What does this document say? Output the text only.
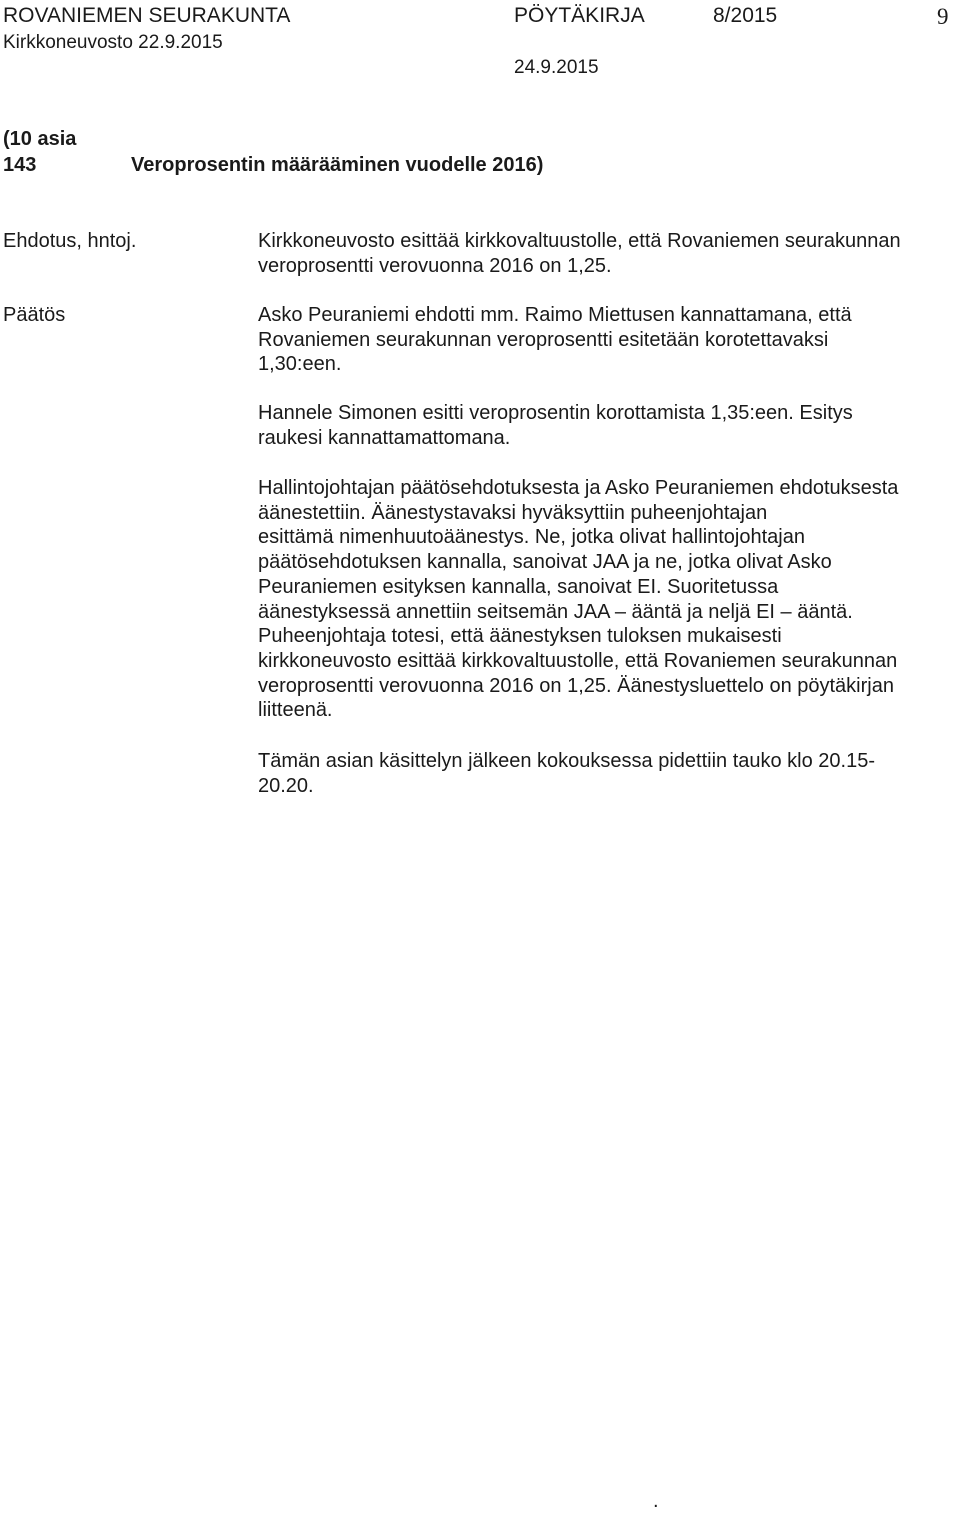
ROVANIEMEN SEURAKUNTA
Kirkkoneuvosto 22.9.2015
PÖYTÄKIRJA	8/2015	9
24.9.2015
(10 asia
143	Veroprosentin määrääminen vuodelle 2016)
Ehdotus, hntoj.	Kirkkoneuvosto esittää kirkkovaltuustolle, että Rovaniemen seurakunnan
veroprosentti verovuonna 2016 on 1,25.
Päätös	Asko Peuraniemi ehdotti mm. Raimo Miettusen kannattamana, että
Rovaniemen seurakunnan veroprosentti esitetään korotettavaksi
1,30:een.
Hannele Simonen esitti veroprosentin korottamista 1,35:een. Esitys
raukesi kannattamattomana.
Hallintojohtajan päätösehdotuksesta ja Asko Peuraniemen ehdotuksesta
äänestettiin. Äänestystavaksi hyväksyttiin puheenjohtajan
esittämä nimenhuutoäänestys. Ne, jotka olivat hallintojohtajan
päätösehdotuksen kannalla, sanoivat JAA ja ne, jotka olivat Asko
Peuraniemen esityksen kannalla, sanoivat EI. Suoritetussa
äänestyksessä annettiin seitsemän JAA – ääntä ja neljä EI – ääntä.
Puheenjohtaja totesi, että äänestyksen tuloksen mukaisesti
kirkkoneuvosto esittää kirkkovaltuustolle, että Rovaniemen seurakunnan
veroprosentti verovuonna 2016 on 1,25. Äänestysluettelo on pöytäkirjan
liitteenä.
Tämän asian käsittelyn jälkeen kokouksessa pidettiin tauko klo 20.15-
20.20.
.
